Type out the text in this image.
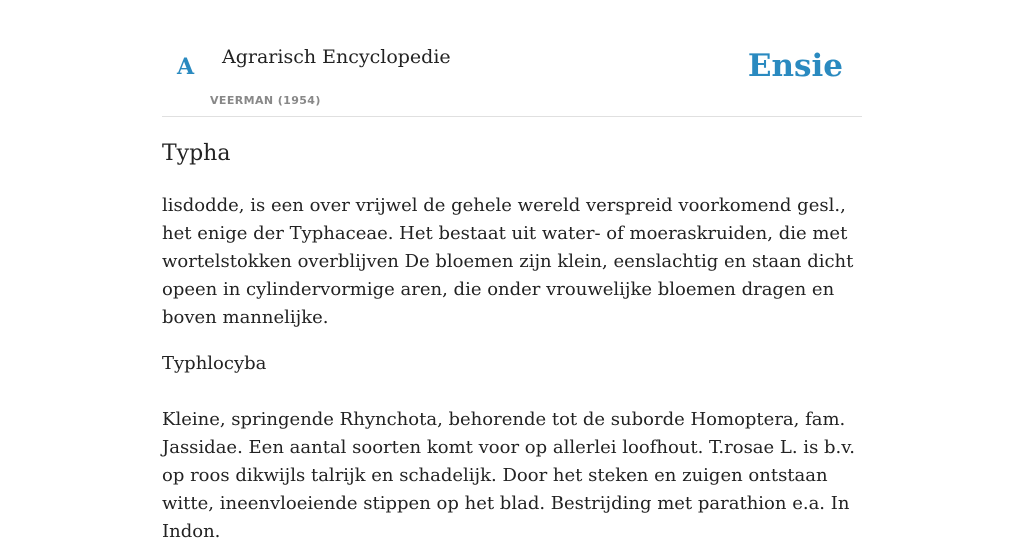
A Agrarisch Encyclopedie
VEERMAN (1954)
Ensie
Typha

lisdodde, is een over vrijwel de gehele wereld verspreid voorkomend gesl., het enige der Typhaceae. Het bestaat uit water- of moeraskruiden, die met wortelstokken overblijven De bloemen zijn klein, eenslachtig en staan dicht opeen in cylindervormige aren, die onder vrouwelijke bloemen dragen en boven mannelijke.

Typhlocyba

Kleine, springende Rhynchota, behorende tot de suborde Homoptera, fam. Jassidae. Een aantal soorten komt voor op allerlei loofhout. T.rosae L. is b.v. op roos dikwijls talrijk en schadelijk. Door het steken en zuigen ontstaan witte, ineenvloeiende stippen op het blad. Bestrijding met parathion e.a. In Indon.
